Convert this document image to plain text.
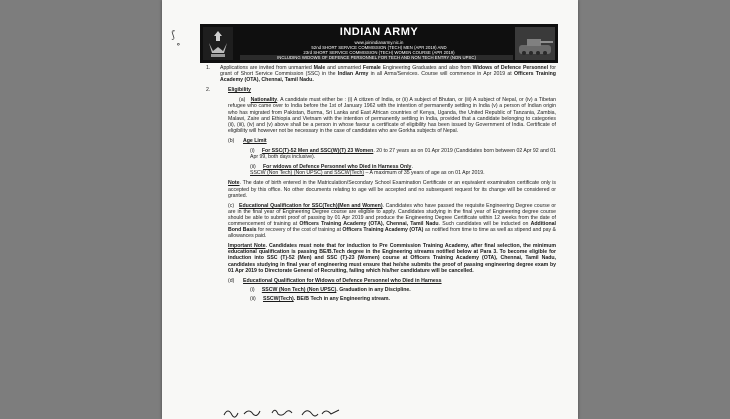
ʃ′
∘
INDIAN ARMY
www.joinindianarmy.nic.in
52nd SHORT SERVICE COMMISSION (TECH) MEN (APR 2019) AND
23rd SHORT SERVICE COMMISSION (TECH) WOMEN COURSE (APR 2019)
INCLUDING WIDOWS OF DEFENCE PERSONNEL FOR TECH AND NON TECH ENTRY (NON UPSC)
1. Applications are invited from unmarried Male and unmarried Female Engineering Graduates and also from Widows of Defence Personnel for grant of Short Service Commission (SSC) in the Indian Army in all Arms/Services. Course will commence in Apr 2019 at Officers Training Academy (OTA), Chennai, Tamil Nadu.

2.	Eligibility

(a) Nationality. A candidate must either be : (i) A citizen of India, or (ii) A subject of Bhutan, or (iii) A subject of Nepal, or (iv) a Tibetan refugee who came over to India before the 1st of January 1962 with the intention of permanently settling in India (v) a person of Indian origin who has migrated from Pakistan, Burma, Sri Lanka and East African countries of Kenya, Uganda, the United Republic of Tanzania, Zambia, Malawi, Zaire and Ethiopia and Vietnam with the intention of permanently settling in India, provided that a candidate belonging to categories (ii), (iii), (iv) and (v) above shall be a person in whose favour a certificate of eligibility has been issued by Government of India. Certificate of eligibility will however not be necessary in the case of candidates who are Gorkha subjects of Nepal.

(b) Age Limit

(i) For SSC(T)-52 Men and SSC(W)(T) 23 Women. 20 to 27 years as on 01 Apr 2019 (Candidates born between 02 Apr 92 and 01 Apr 99, both days inclusive).

(ii) For widows of Defence Personnel who Died in Harness Only.
SSCW (Non Tech) (Non UPSC) and SSCW(Tech) – A maximum of 35 years of age as on 01 Apr 2019.

Note. The date of birth entered in the Matriculation/Secondary School Examination Certificate or an equivalent examination certificate only is accepted by this office. No other documents relating to age will be accepted and no subsequent request for its change will be considered or granted.

(c) Educational Qualification for SSC(Tech)(Men and Women). Candidates who have passed the requisite Engineering Degree course or are in the final year of Engineering Degree course are eligible to apply. Candidates studying in the final year of Engineering degree course should be able to submit proof of passing by 01 Apr 2019 and produce the Engineering Degree Certificate within 12 weeks from the date of commencement of training at Officers Training Academy (OTA), Chennai, Tamil Nadu. Such candidates will be inducted on Additional Bond Basis for recovery of the cost of training at Officers Training Academy (OTA) as notified from time to time as well as stipend and pay & allowances paid.

Important Note. Candidates must note that for induction to Pre Commission Training Academy, after final selection, the minimum educational qualification is passing BE/B.Tech degree in the Engineering streams notified below at Para 3. To become eligible for induction into SSC (T)-52 (Men) and SSC (T)-23 (Women) course at Officers Training Academy (OTA), Chennai, Tamil Nadu, candidates studying in final year of engineering must ensure that he/she submits the proof of passing engineering degree exam by 01 Apr 2019 to Directorate General of Recruiting, failing which his/her candidature will be cancelled.

(d) Educational Qualification for Widows of Defence Personnel who Died in Harness

(i) SSCW (Non Tech) (Non UPSC). Graduation in any Discipline.

(ii) SSCW(Tech). BE/B Tech in any Engineering stream.
